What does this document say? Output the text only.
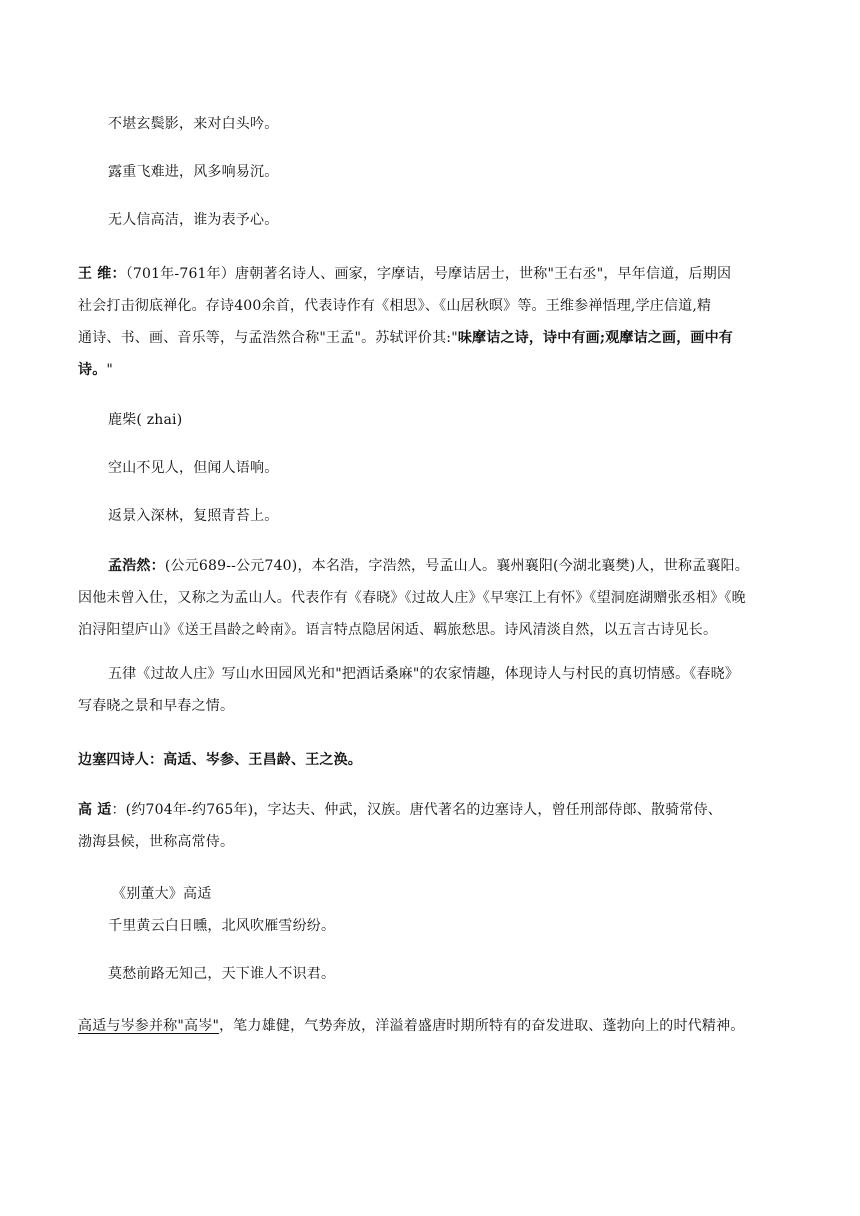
不堪玄鬓影，来对白头吟。
露重飞难进，风多响易沉。
无人信高洁，谁为表予心。
王 维：（701年-761年）唐朝著名诗人、画家，字摩诘，号摩诘居士，世称"王右丞"，早年信道，后期因
社会打击彻底禅化。存诗400余首，代表诗作有《相思》、《山居秋暝》等。王维参禅悟理,学庄信道,精
通诗、书、画、音乐等，与孟浩然合称"王孟"。苏轼评价其:"味摩诘之诗，诗中有画;观摩诘之画，画中有
诗。"
鹿柴( zhai)
空山不见人，但闻人语响。
返景入深林，复照青苔上。
孟浩然：(公元689--公元740)，本名浩，字浩然，号孟山人。襄州襄阳(今湖北襄樊)人，世称孟襄阳。
因他未曾入仕，又称之为孟山人。代表作有《春晓》《过故人庄》《早寒江上有怀》《望洞庭湖赠张丞相》《晚
泊浔阳望庐山》《送王昌龄之岭南》。语言特点隐居闲适、羁旅愁思。诗风清淡自然，以五言古诗见长。
五律《过故人庄》写山水田园风光和"把酒话桑麻"的农家情趣，体现诗人与村民的真切情感。《春晓》
写春晓之景和早春之情。
边塞四诗人：高适、岑参、王昌龄、王之涣。
高 适：(约704年-约765年)，字达夫、仲武，汉族。唐代著名的边塞诗人，曾任刑部侍郎、散骑常侍、
渤海县候，世称高常侍。
《别董大》高适
千里黄云白日曛，北风吹雁雪纷纷。
莫愁前路无知己，天下谁人不识君。
高适与岑参并称"高岑"，笔力雄健，气势奔放，洋溢着盛唐时期所特有的奋发进取、蓬勃向上的时代精神。
